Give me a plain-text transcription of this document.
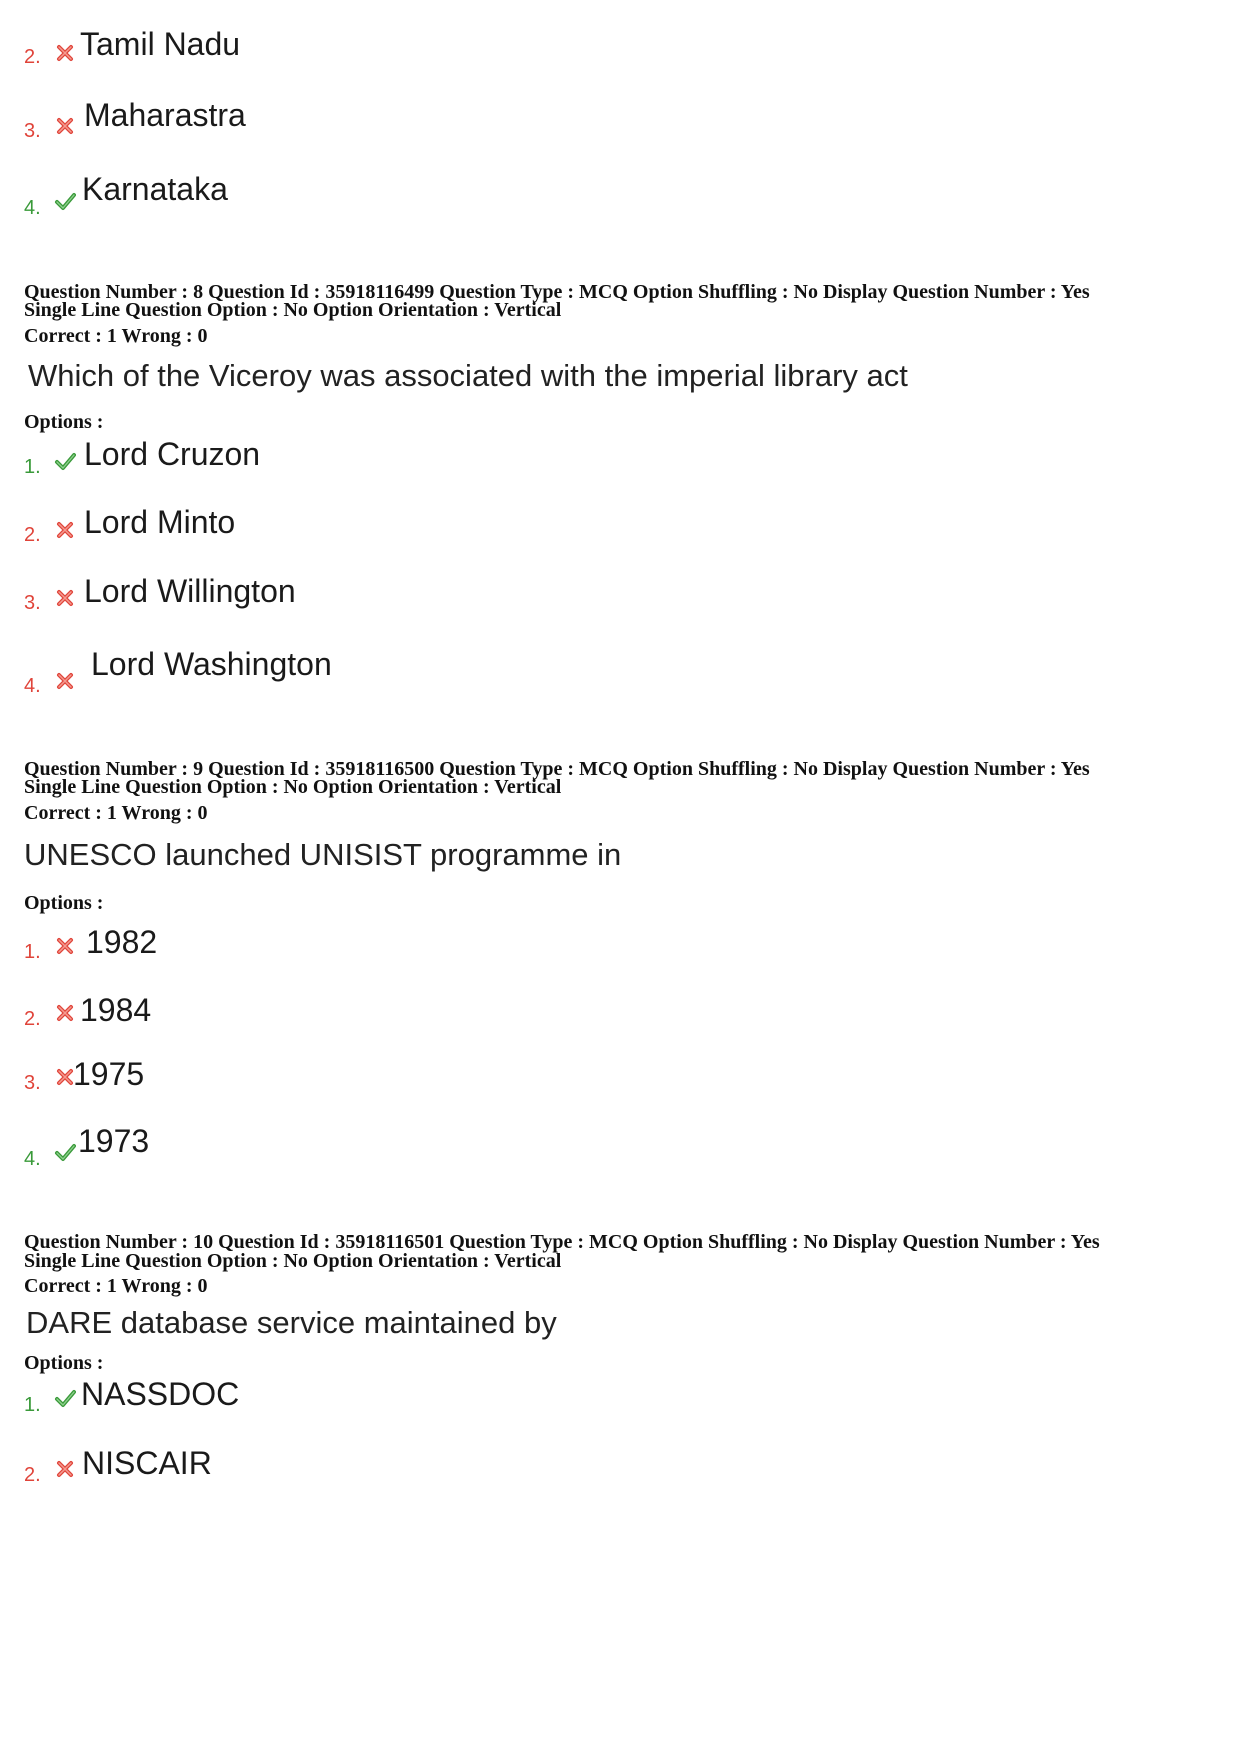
2. Tamil Nadu
3. Maharastra
4.
Karnataka
Question Number : 8 Question Id : 35918116499 Question Type : MCQ Option Shuffling : No Display Question Number : Yes
Single Line Question Option : No Option Orientation : Vertical
Correct : 1 Wrong : 0
Which of the Viceroy was associated with the imperial library act
Options :
1. Lord Cruzon
2. Lord Minto
3. Lord Willington
4.
Lord Washington
Question Number : 9 Question Id : 35918116500 Question Type : MCQ Option Shuffling : No Display Question Number : Yes
Single Line Question Option : No Option Orientation : Vertical
Correct : 1 Wrong : 0
UNESCO launched UNISIST programme in
Options :
1. 1982
2. 1984
3. 1975
4. 1973
Question Number : 10 Question Id : 35918116501 Question Type : MCQ Option Shuffling : No Display Question Number : Yes
Single Line Question Option : No Option Orientation : Vertical
Correct : 1 Wrong : 0
DARE database service maintained by
Options :
1. NASSDOC
2. NISCAIR
